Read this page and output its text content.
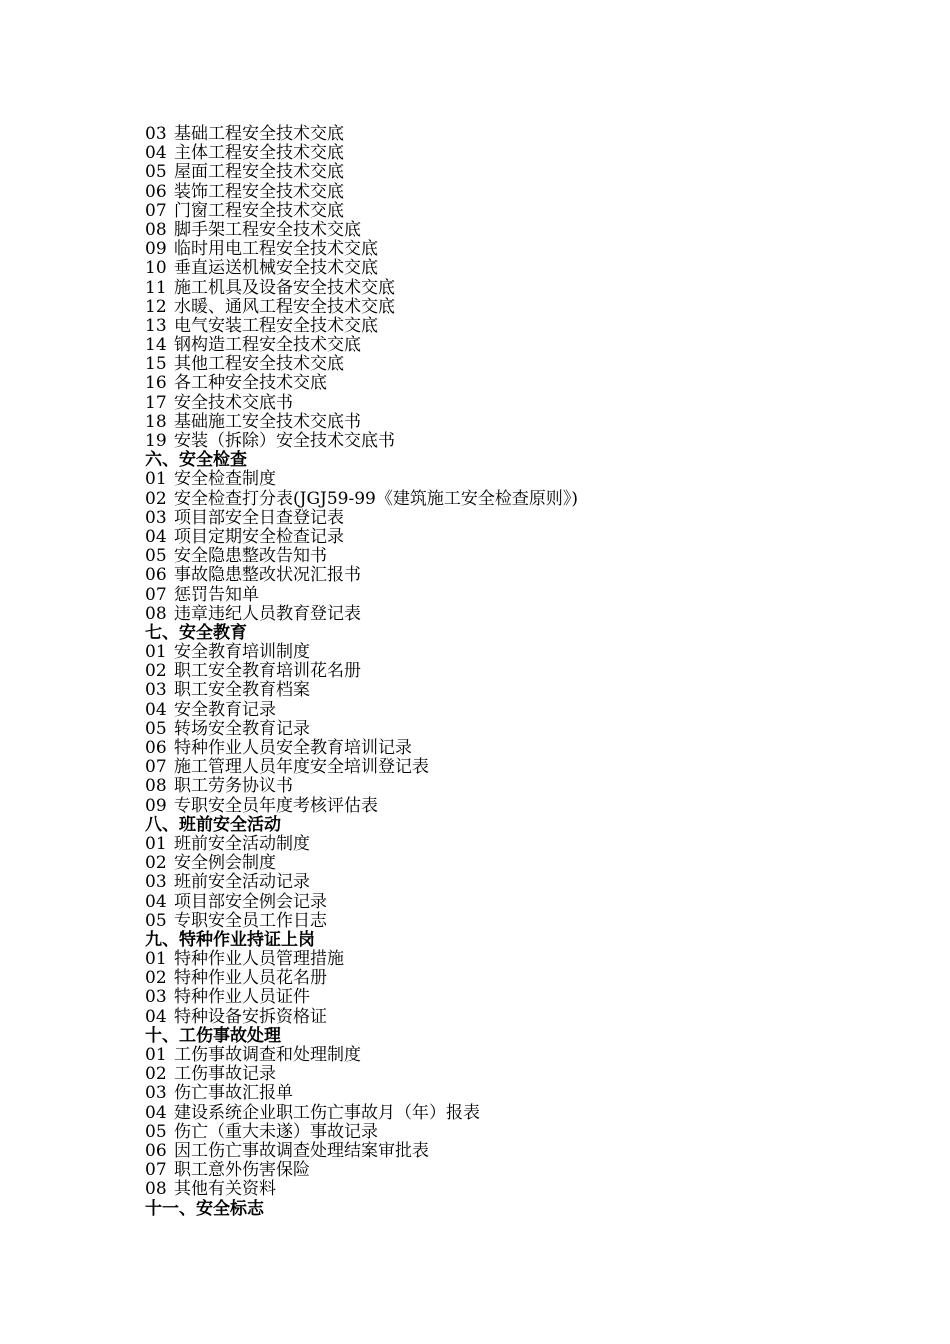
03 基础工程安全技术交底
04 主体工程安全技术交底
05 屋面工程安全技术交底
06 装饰工程安全技术交底
07 门窗工程安全技术交底
08 脚手架工程安全技术交底
09 临时用电工程安全技术交底
10 垂直运送机械安全技术交底
11 施工机具及设备安全技术交底
12 水暖、通风工程安全技术交底
13 电气安装工程安全技术交底
14 钢构造工程安全技术交底
15 其他工程安全技术交底
16 各工种安全技术交底
17 安全技术交底书
18 基础施工安全技术交底书
19 安装（拆除）安全技术交底书
六、安全检查
01 安全检查制度
02 安全检查打分表(JGJ59-99《建筑施工安全检查原则》)
03 项目部安全日查登记表
04 项目定期安全检查记录
05 安全隐患整改告知书
06 事故隐患整改状况汇报书
07 惩罚告知单
08 违章违纪人员教育登记表
七、安全教育
01 安全教育培训制度
02 职工安全教育培训花名册
03 职工安全教育档案
04 安全教育记录
05 转场安全教育记录
06 特种作业人员安全教育培训记录
07 施工管理人员年度安全培训登记表
08 职工劳务协议书
09 专职安全员年度考核评估表
八、班前安全活动
01 班前安全活动制度
02 安全例会制度
03 班前安全活动记录
04 项目部安全例会记录
05 专职安全员工作日志
九、特种作业持证上岗
01 特种作业人员管理措施
02 特种作业人员花名册
03 特种作业人员证件
04 特种设备安拆资格证
十、工伤事故处理
01 工伤事故调查和处理制度
02 工伤事故记录
03 伤亡事故汇报单
04 建设系统企业职工伤亡事故月（年）报表
05 伤亡（重大未遂）事故记录
06 因工伤亡事故调查处理结案审批表
07 职工意外伤害保险
08 其他有关资料
十一、安全标志
